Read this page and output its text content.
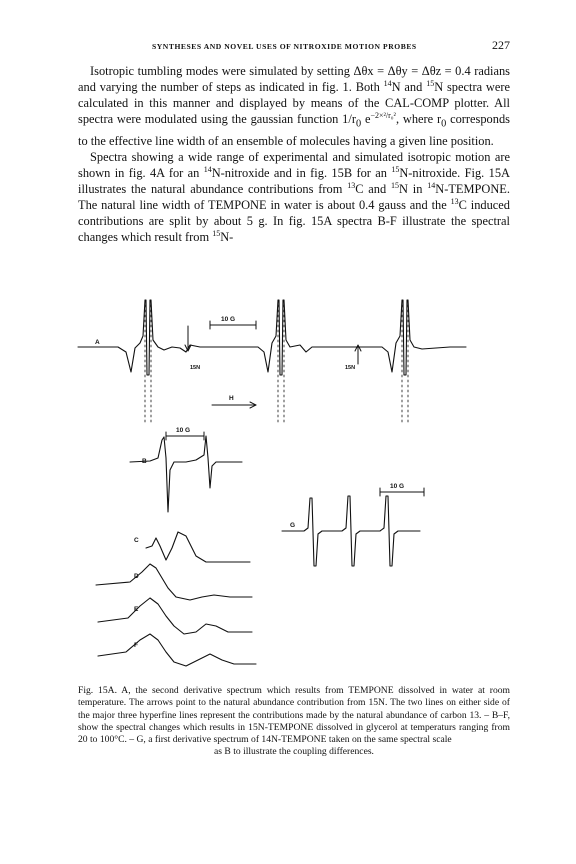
SYNTHESES AND NOVEL USES OF NITROXIDE MOTION PROBES	227

Isotropic tumbling modes were simulated by setting Δθx = Δθy = Δθz = 0.4 radians and varying the number of steps as indicated in fig. 1. Both $^{14}$N and $^{15}$N spectra were calculated in this manner and displayed by means of the CAL-COMP plotter. All spectra were modulated using the gaussian function $1/r_0$ $e^{-2\times^2/r_0^2}$, where $r_0$ corresponds to the effective line width of an ensemble of molecules having a given line position.

Spectra showing a wide range of experimental and simulated isotropic motion are shown in fig. 4A for an $^{14}$N-nitroxide and in fig. 15B for an $^{15}$N-nitroxide. Fig. 15A illustrates the natural abundance contributions from $^{13}$C and $^{15}$N in $^{14}$N-TEMPONE. The natural line width of TEMPONE in water is about 0.4 gauss and the $^{13}$C induced contributions are split by about 5 g. In fig. 15A spectra B-F illustrate the spectral changes which result from $^{15}$N-

A
B
C
D
E
F
G
H
10 G
10 G
10 G
15N	15N
Fig. 15A. A, the second derivative spectrum which results from TEMPONE dissolved in water at room temperature. The arrows point to the natural abundance contribution from 15N. The two lines on either side of the major three hyperfine lines represent the contributions made by the natural abundance of carbon 13. – B–F, show the spectral changes which results in 15N-TEMPONE dissolved in glycerol at temperaturs ranging from 20 to 100°C. – G, a first derivative spectrum of 14N-TEMPONE taken on the same spectral scale
as B to illustrate the coupling differences.
